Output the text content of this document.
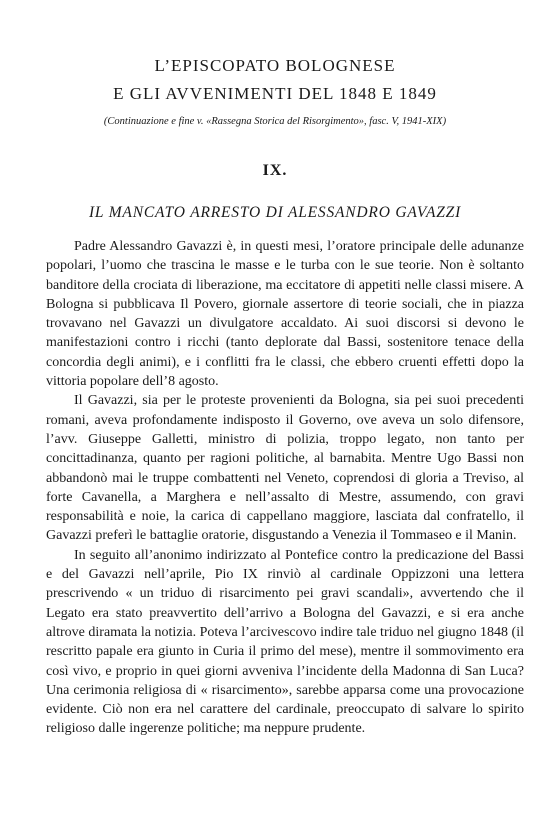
L’EPISCOPATO BOLOGNESE
E GLI AVVENIMENTI DEL 1848 E 1849
(Continuazione e fine v. «Rassegna Storica del Risorgimento», fasc. V, 1941-XIX)
IX.
IL MANCATO ARRESTO DI ALESSANDRO GAVAZZI

Padre Alessandro Gavazzi è, in questi mesi, l’oratore principale delle adunanze popolari, l’uomo che trascina le masse e le turba con le sue teorie. Non è soltanto banditore della crociata di liberazione, ma eccitatore di appetiti nelle classi misere. A Bologna si pubblicava Il Povero, giornale assertore di teorie sociali, che in piazza trovavano nel Gavazzi un divulgatore accaldato. Ai suoi discorsi si devono le manifestazioni contro i ricchi (tanto deplorate dal Bassi, sostenitore tenace della concordia degli animi), e i conflitti fra le classi, che ebbero cruenti effetti dopo la vittoria popolare dell’8 agosto.

Il Gavazzi, sia per le proteste provenienti da Bologna, sia pei suoi precedenti romani, aveva profondamente indisposto il Governo, ove aveva un solo difensore, l’avv. Giuseppe Galletti, ministro di polizia, troppo legato, non tanto per concittadinanza, quanto per ragioni politiche, al barnabita. Mentre Ugo Bassi non abbandonò mai le truppe combattenti nel Veneto, coprendosi di gloria a Treviso, al forte Cavanella, a Marghera e nell’assalto di Mestre, assumendo, con gravi responsabilità e noie, la carica di cappellano maggiore, lasciata dal confratello, il Gavazzi preferì le battaglie oratorie, disgustando a Venezia il Tommaseo e il Manin.

In seguito all’anonimo indirizzato al Pontefice contro la predicazione del Bassi e del Gavazzi nell’aprile, Pio IX rinviò al cardinale Oppizzoni una lettera prescrivendo « un triduo di risarcimento pei gravi scandali», avvertendo che il Legato era stato preavvertito dell’arrivo a Bologna del Gavazzi, e si era anche altrove diramata la notizia. Poteva l’arcivescovo indire tale triduo nel giugno 1848 (il rescritto papale era giunto in Curia il primo del mese), mentre il sommovimento era così vivo, e proprio in quei giorni avveniva l’incidente della Madonna di San Luca? Una cerimonia religiosa di « risarcimento», sarebbe apparsa come una provocazione evidente. Ciò non era nel carattere del cardinale, preoccupato di salvare lo spirito religioso dalle ingerenze politiche; ma neppure prudente.
